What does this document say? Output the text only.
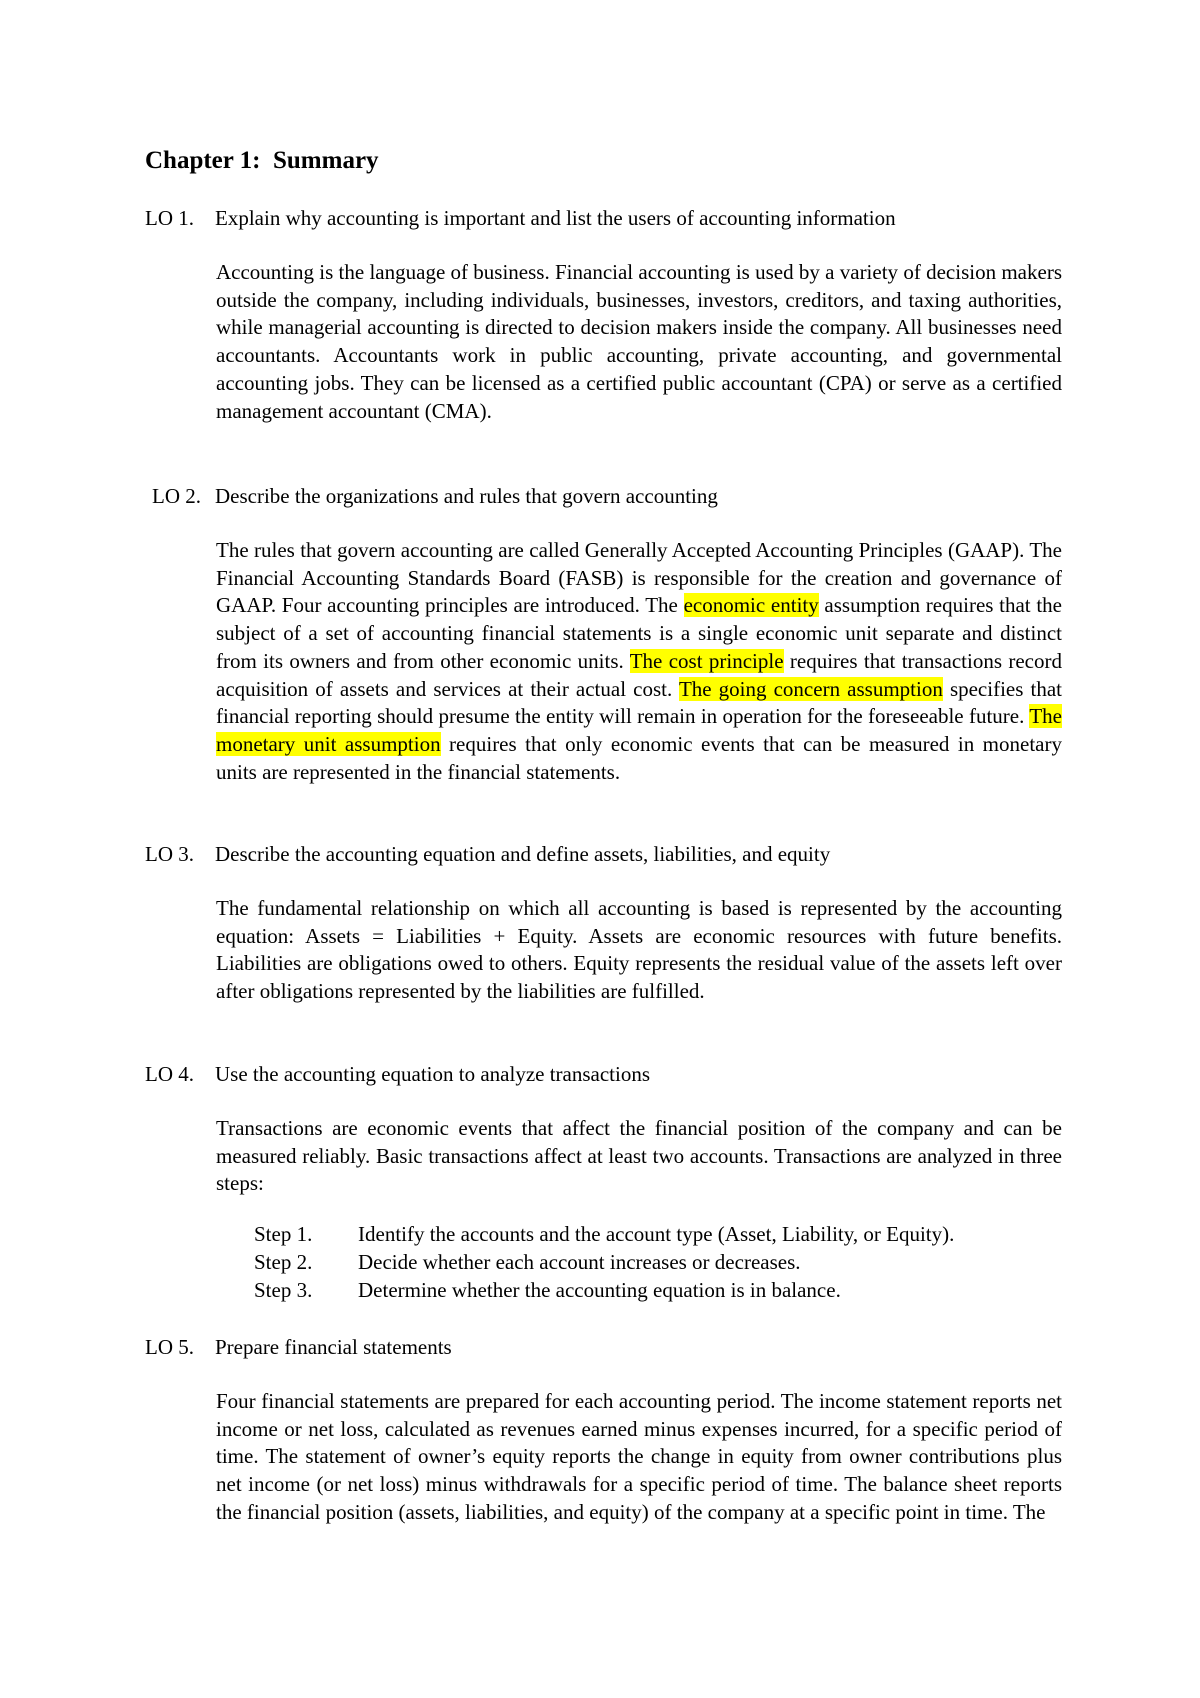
Chapter 1:  Summary
LO 1. Explain why accounting is important and list the users of accounting information

Accounting is the language of business. Financial accounting is used by a variety of decision makers outside the company, including individuals, businesses, investors, creditors, and taxing authorities, while managerial accounting is directed to decision makers inside the company. All businesses need accountants. Accountants work in public accounting, private accounting, and governmental accounting jobs. They can be licensed as a certified public accountant (CPA) or serve as a certified management accountant (CMA).

LO 2. Describe the organizations and rules that govern accounting

The rules that govern accounting are called Generally Accepted Accounting Principles (GAAP). The Financial Accounting Standards Board (FASB) is responsible for the creation and governance of GAAP. Four accounting principles are introduced. The economic entity assumption requires that the subject of a set of accounting financial statements is a single economic unit separate and distinct from its owners and from other economic units. The cost principle requires that transactions record acquisition of assets and services at their actual cost. The going concern assumption specifies that financial reporting should presume the entity will remain in operation for the foreseeable future. The monetary unit assumption requires that only economic events that can be measured in monetary units are represented in the financial statements.

LO 3. Describe the accounting equation and define assets, liabilities, and equity

The fundamental relationship on which all accounting is based is represented by the accounting equation: Assets = Liabilities + Equity. Assets are economic resources with future benefits. Liabilities are obligations owed to others. Equity represents the residual value of the assets left over after obligations represented by the liabilities are fulfilled.

LO 4. Use the accounting equation to analyze transactions

Transactions are economic events that affect the financial position of the company and can be measured reliably. Basic transactions affect at least two accounts. Transactions are analyzed in three steps:

Step 1. Identify the accounts and the account type (Asset, Liability, or Equity).
Step 2. Decide whether each account increases or decreases.
Step 3. Determine whether the accounting equation is in balance.
LO 5. Prepare financial statements

Four financial statements are prepared for each accounting period. The income statement reports net income or net loss, calculated as revenues earned minus expenses incurred, for a specific period of time. The statement of owner’s equity reports the change in equity from owner contributions plus net income (or net loss) minus withdrawals for a specific period of time. The balance sheet reports the financial position (assets, liabilities, and equity) of the company at a specific point in time. The
